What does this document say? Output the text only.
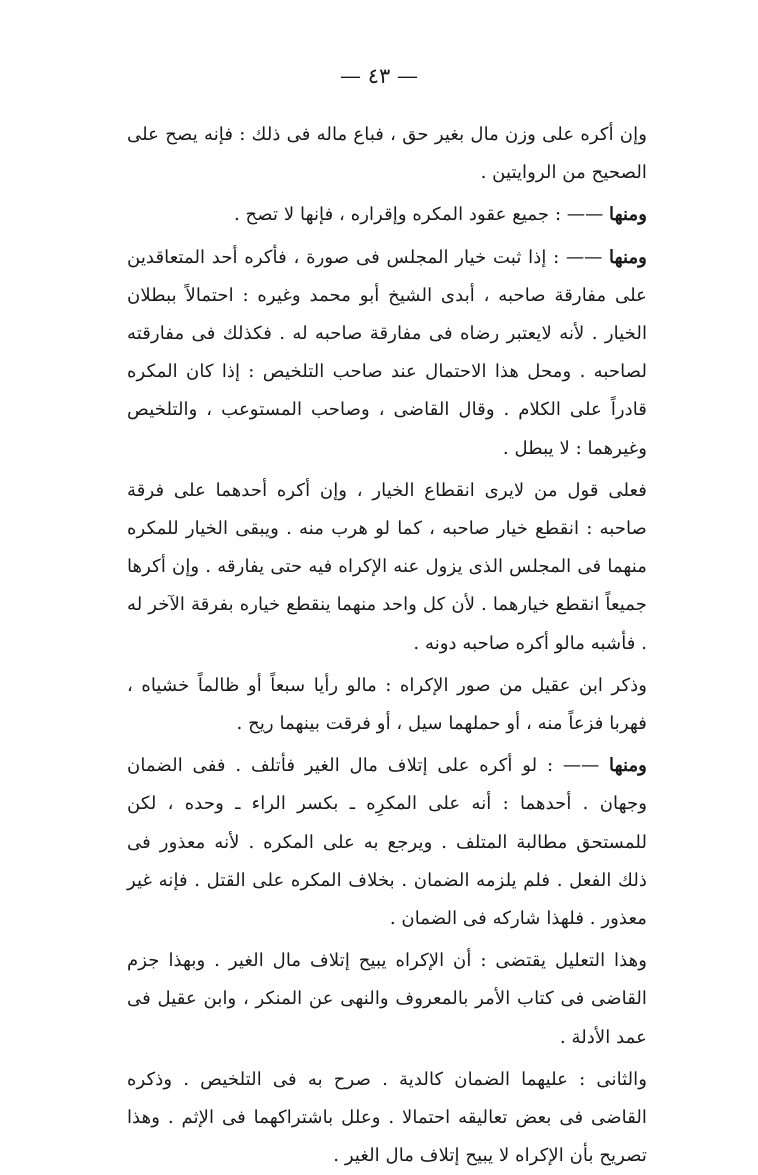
— ٤٣ —

وإن أكره على وزن مال بغير حق ، فباع ماله فى ذلك : فإنه يصح على الصحيح من الروايتين .

ومنها —— : جميع عقود المكره وإقراره ، فإنها لا تصح .

ومنها —— : إذا ثبت خيار المجلس فى صورة ، فأكره أحد المتعاقدين على مفارقة صاحبه ، أبدى الشيخ أبو محمد وغيره : احتمالاً ببطلان الخيار . لأنه لايعتبر رضاه فى مفارقة صاحبه له . فكذلك فى مفارقته لصاحبه . ومحل هذا الاحتمال عند صاحب التلخيص : إذا كان المكره قادراً على الكلام . وقال القاضى ، وصاحب المستوعب ، والتلخيص وغيرهما : لا يبطل .

فعلى قول من لايرى انقطاع الخيار ، وإن أكره أحدهما على فرقة صاحبه : انقطع خيار صاحبه ، كما لو هرب منه . ويبقى الخيار للمكره منهما فى المجلس الذى يزول عنه الإكراه فيه حتى يفارقه . وإن أكرها جميعاً انقطع خيارهما . لأن كل واحد منهما ينقطع خياره بفرقة الآخر له . فأشبه مالو أكره صاحبه دونه .

وذكر ابن عقيل من صور الإكراه : مالو رأيا سبعاً أو ظالماً خشياه ، فهربا فزعاً منه ، أو حملهما سيل ، أو فرقت بينهما ريح .

ومنها —— : لو أكره على إتلاف مال الغير فأتلف . ففى الضمان وجهان . أحدهما : أنه على المكرِه ـ بكسر الراء ـ وحده ، لكن للمستحق مطالبة المتلف . ويرجع به على المكره . لأنه معذور فى ذلك الفعل . فلم يلزمه الضمان . بخلاف المكره على القتل . فإنه غير معذور . فلهذا شاركه فى الضمان .

وهذا التعليل يقتضى : أن الإكراه يبيح إتلاف مال الغير . وبهذا جزم القاضى فى كتاب الأمر بالمعروف والنهى عن المنكر ، وابن عقيل فى عمد الأدلة .

والثانى : عليهما الضمان كالدية . صرح به فى التلخيص . وذكره القاضى فى بعض تعاليقه احتمالا . وعلل باشتراكهما فى الإثم . وهذا تصريح بأن الإكراه لا يبيح إتلاف مال الغير .
